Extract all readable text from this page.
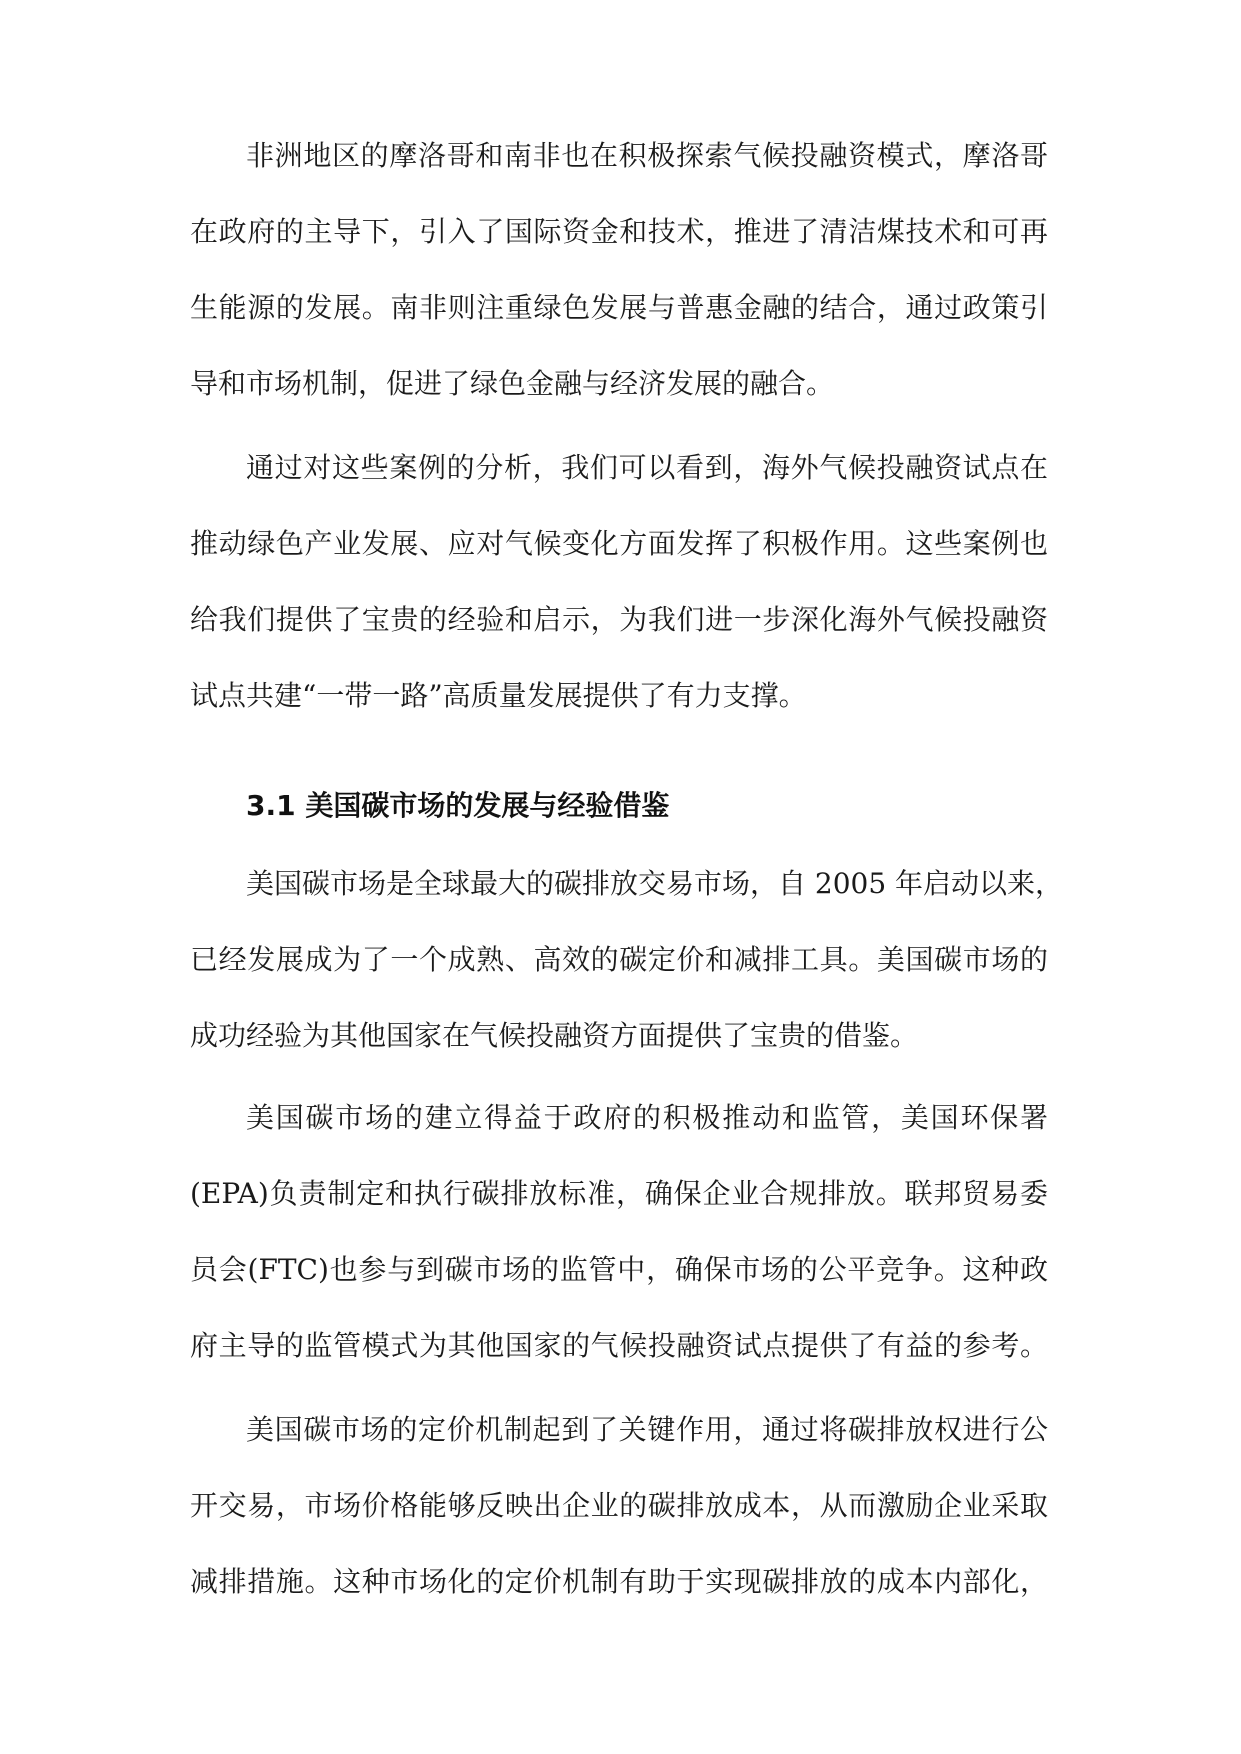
非洲地区的摩洛哥和南非也在积极探索气候投融资模式，摩洛哥
在政府的主导下，引入了国际资金和技术，推进了清洁煤技术和可再
生能源的发展。南非则注重绿色发展与普惠金融的结合，通过政策引
导和市场机制，促进了绿色金融与经济发展的融合。
通过对这些案例的分析，我们可以看到，海外气候投融资试点在
推动绿色产业发展、应对气候变化方面发挥了积极作用。这些案例也
给我们提供了宝贵的经验和启示，为我们进一步深化海外气候投融资
试点共建“一带一路”高质量发展提供了有力支撑。
3.1 美国碳市场的发展与经验借鉴
美国碳市场是全球最大的碳排放交易市场，自 2005 年启动以来，
已经发展成为了一个成熟、高效的碳定价和减排工具。美国碳市场的
成功经验为其他国家在气候投融资方面提供了宝贵的借鉴。
美国碳市场的建立得益于政府的积极推动和监管，美国环保署
(EPA)负责制定和执行碳排放标准，确保企业合规排放。联邦贸易委
员会(FTC)也参与到碳市场的监管中，确保市场的公平竞争。这种政
府主导的监管模式为其他国家的气候投融资试点提供了有益的参考。
美国碳市场的定价机制起到了关键作用，通过将碳排放权进行公
开交易，市场价格能够反映出企业的碳排放成本，从而激励企业采取
减排措施。这种市场化的定价机制有助于实现碳排放的成本内部化，
